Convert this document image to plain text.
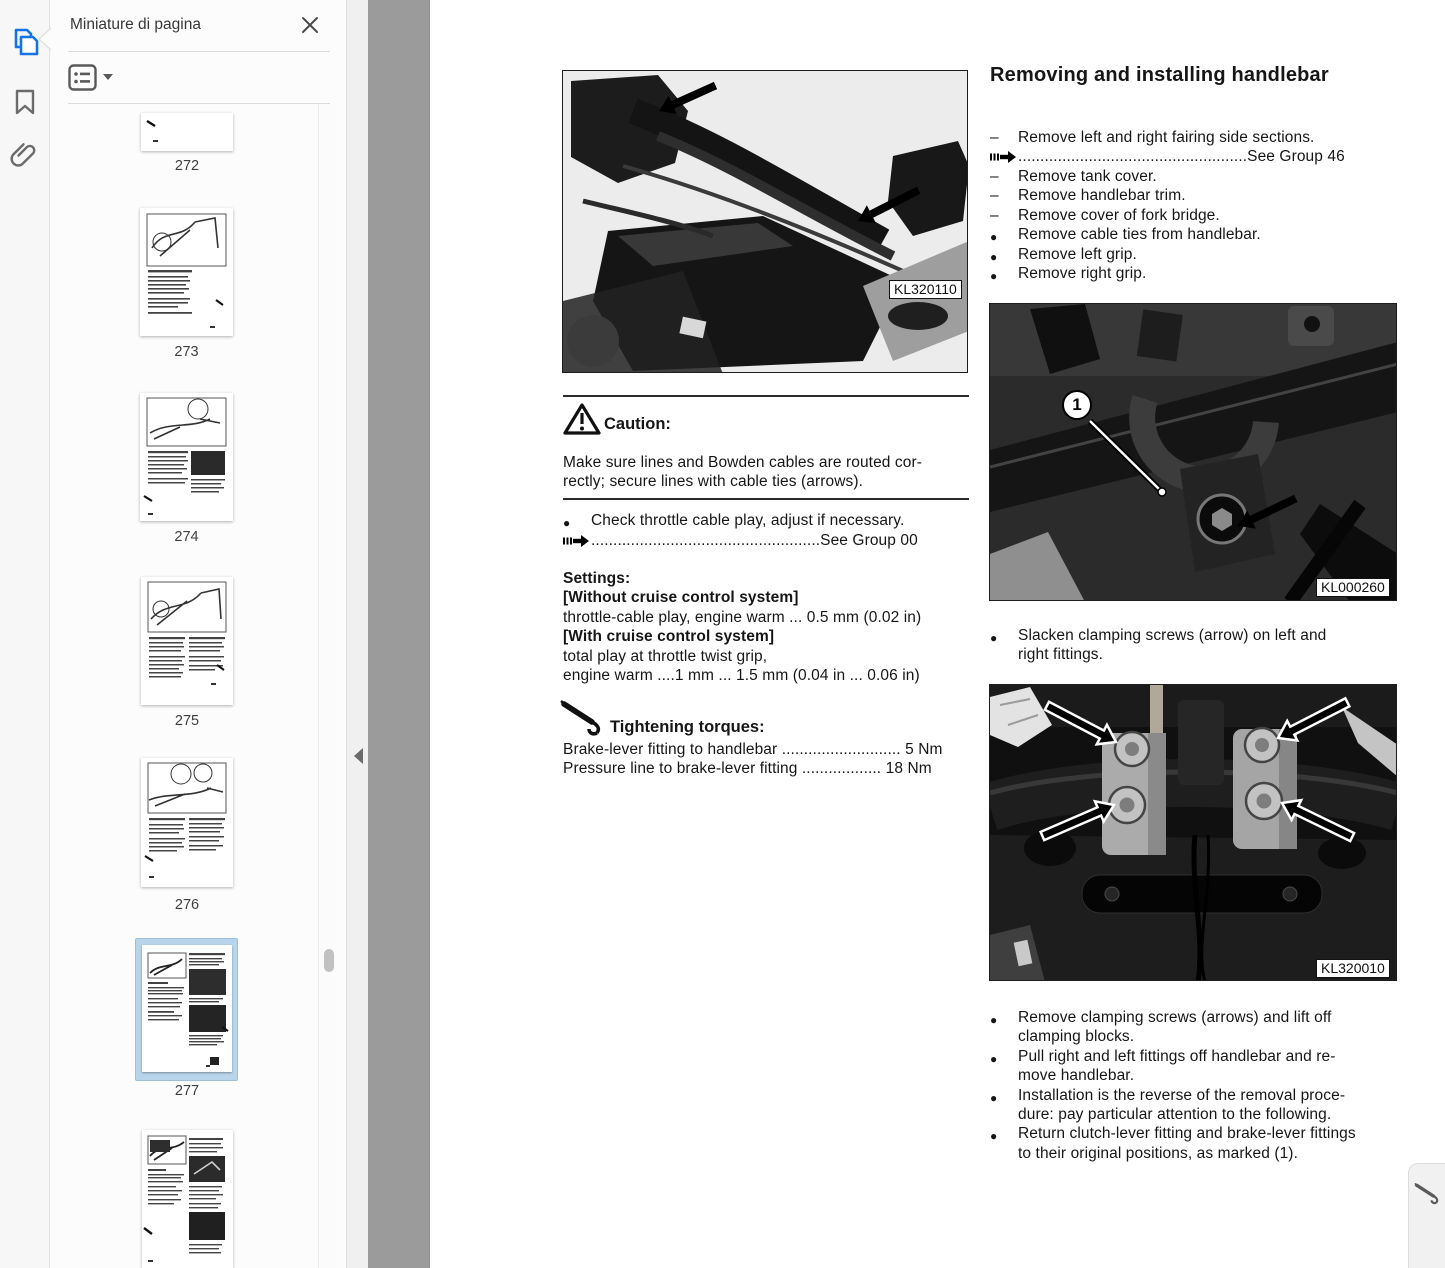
KL320110
Caution:
Make sure lines and Bowden cables are routed cor-
rectly; secure lines with cable ties (arrows).
●	Check throttle cable play, adjust if necessary.
....................................................See Group 00
Settings:
[Without cruise control system]
throttle-cable play, engine warm ... 0.5 mm (0.02 in)
[With cruise control system]
total play at throttle twist grip,
engine warm ....1 mm ... 1.5 mm (0.04 in ... 0.06 in)
Tightening torques:
Brake-lever fitting to handlebar ........................... 5 Nm
Pressure line to brake-lever fitting .................. 18 Nm
Removing and installing handlebar
–	Remove left and right fairing side sections.
....................................................See Group 46
–	Remove tank cover.
–	Remove handlebar trim.
–	Remove cover of fork bridge.
●	Remove cable ties from handlebar.
●	Remove left grip.
●	Remove right grip.
1
KL000260
●	Slacken clamping screws (arrow) on left and
right fittings.
KL320010
●	Remove clamping screws (arrows) and lift off
clamping blocks.
●	Pull right and left fittings off handlebar and re-
move handlebar.
●	Installation is the reverse of the removal proce-
dure: pay particular attention to the following.
●	Return clutch-lever fitting and brake-lever fittings
to their original positions, as marked (1).
Miniature di pagina
272
273
274
275
276
277
